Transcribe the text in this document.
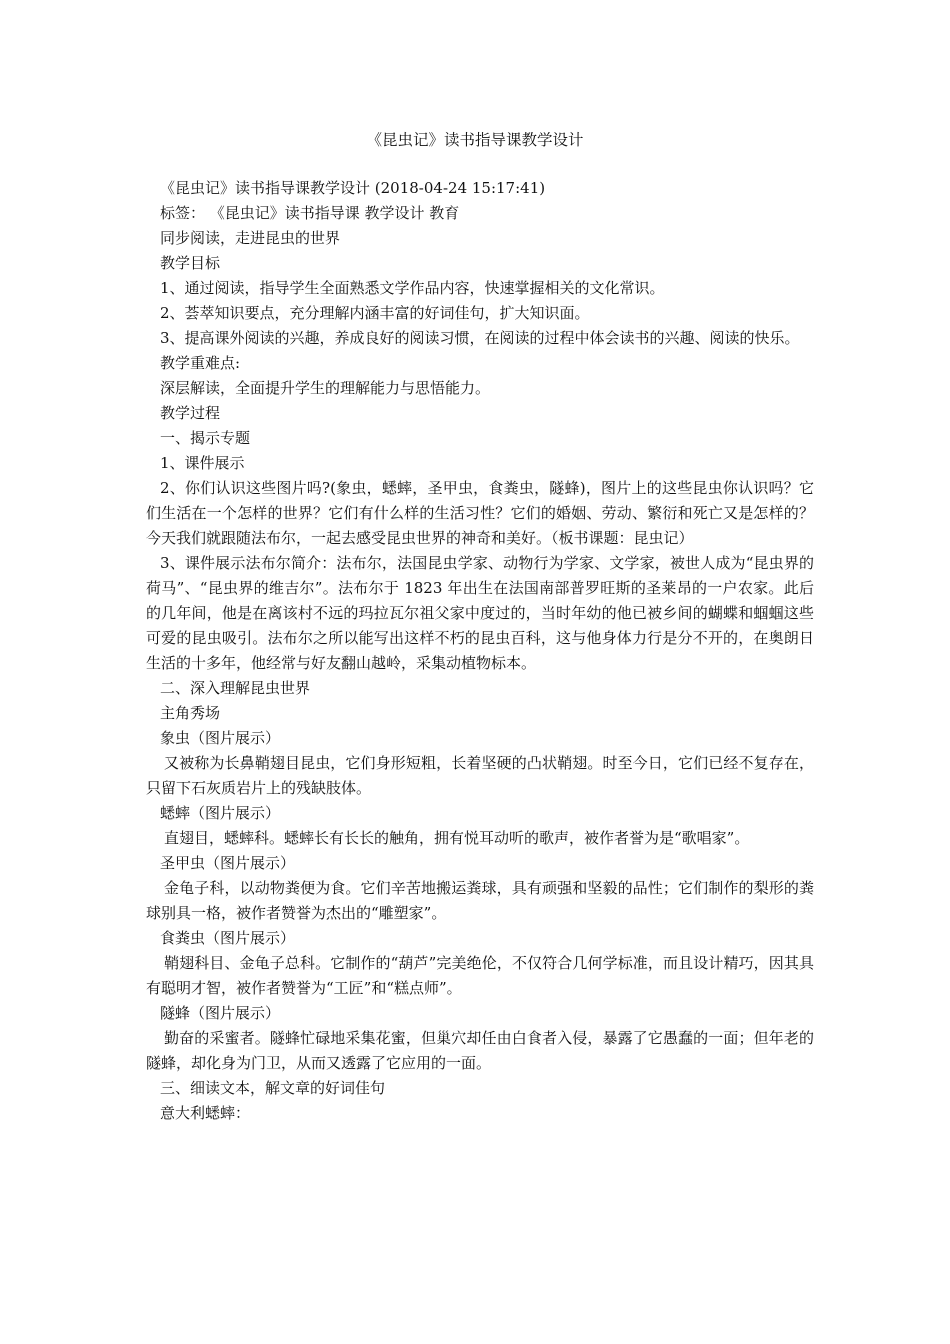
《昆虫记》读书指导课教学设计

《昆虫记》读书指导课教学设计 (2018-04-24 15:17:41)

标签： 《昆虫记》读书指导课 教学设计 教育

同步阅读，走进昆虫的世界

教学目标

1、通过阅读，指导学生全面熟悉文学作品内容，快速掌握相关的文化常识。

2、荟萃知识要点，充分理解内涵丰富的好词佳句，扩大知识面。

3、提高课外阅读的兴趣，养成良好的阅读习惯，在阅读的过程中体会读书的兴趣、阅读的快乐。

教学重难点:

深层解读，全面提升学生的理解能力与思悟能力。

教学过程

一、揭示专题

1、课件展示

2、你们认识这些图片吗?(象虫，蟋蟀，圣甲虫，食粪虫，隧蜂)，图片上的这些昆虫你认识吗？它们生活在一个怎样的世界？它们有什么样的生活习性？它们的婚姻、劳动、繁衍和死亡又是怎样的？今天我们就跟随法布尔，一起去感受昆虫世界的神奇和美好。（板书课题：昆虫记）

3、课件展示法布尔简介：法布尔，法国昆虫学家、动物行为学家、文学家，被世人成为“昆虫界的荷马”、“昆虫界的维吉尔”。法布尔于 1823 年出生在法国南部普罗旺斯的圣莱昂的一户农家。此后的几年间，他是在离该村不远的玛拉瓦尔祖父家中度过的，当时年幼的他已被乡间的蝴蝶和蝈蝈这些可爱的昆虫吸引。法布尔之所以能写出这样不朽的昆虫百科，这与他身体力行是分不开的，在奥朗日生活的十多年，他经常与好友翻山越岭，采集动植物标本。

二、深入理解昆虫世界

主角秀场

象虫（图片展示）

又被称为长鼻鞘翅目昆虫，它们身形短粗，长着坚硬的凸状鞘翅。时至今日，它们已经不复存在，只留下石灰质岩片上的残缺肢体。

蟋蟀（图片展示）

直翅目，蟋蟀科。蟋蟀长有长长的触角，拥有悦耳动听的歌声，被作者誉为是“歌唱家”。

圣甲虫（图片展示）

金龟子科，以动物粪便为食。它们辛苦地搬运粪球，具有顽强和坚毅的品性；它们制作的梨形的粪球别具一格，被作者赞誉为杰出的“雕塑家”。

食粪虫（图片展示）

鞘翅科目、金龟子总科。它制作的“葫芦”完美绝伦，不仅符合几何学标准，而且设计精巧，因其具有聪明才智，被作者赞誉为“工匠”和“糕点师”。

隧蜂（图片展示）

勤奋的采蜜者。隧蜂忙碌地采集花蜜，但巢穴却任由白食者入侵，暴露了它愚蠢的一面；但年老的隧蜂，却化身为门卫，从而又透露了它应用的一面。

三、细读文本，解文章的好词佳句

意大利蟋蟀：
